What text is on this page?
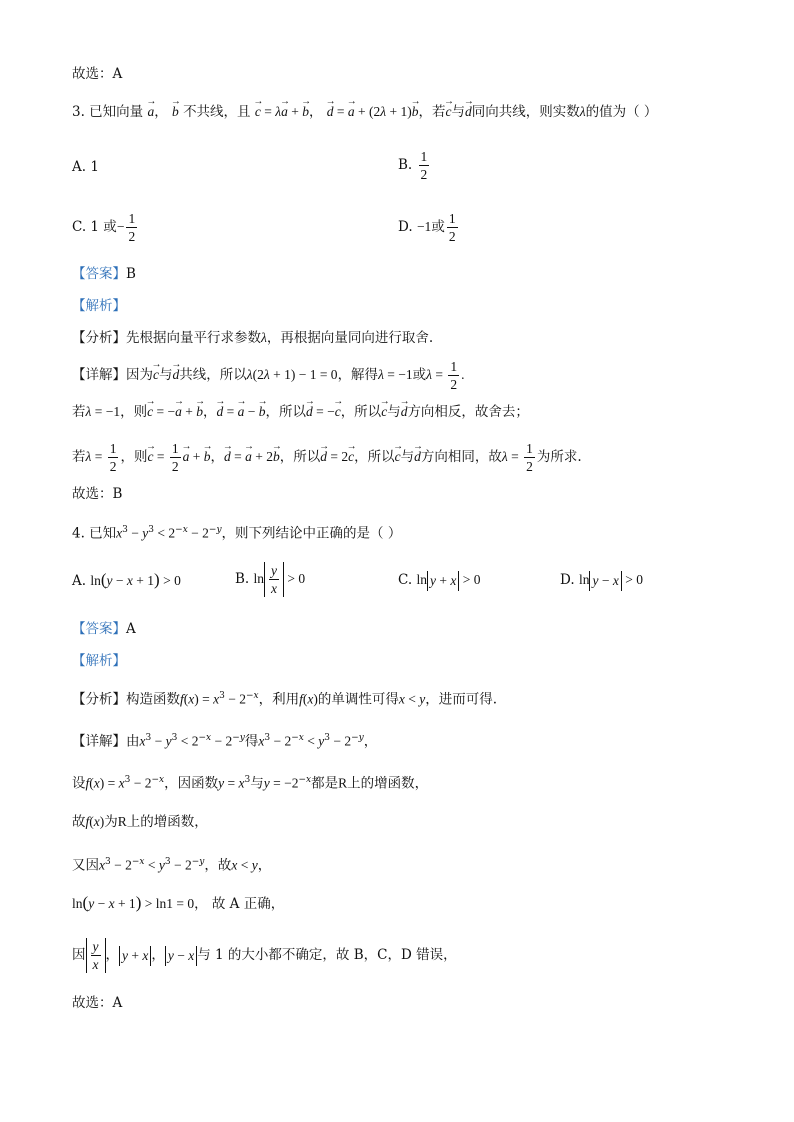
故选：A
3. 已知向量 → a， → b 不共线，且 → c = λ→ a + → b， → d = → a + (2λ + 1)→ b，若→ c与→ d同向共线，则实数λ的值为（ ）
A. 1	B. $\frac{1}{2}$
C. 1 或− $\frac{1}{2}$	D. −1或 $\frac{1}{2}$
【答案】B
【解析】
【分析】先根据向量平行求参数λ，再根据向量同向进行取舍.
【详解】因为→ c与→ d共线，所以λ(2λ + 1) − 1 = 0，解得λ = −1或$\lambda = \frac{1}{2}$ .
若λ = −1，则→ c = −→ a + → b，→ d = → a − → b，所以→ d = −→ c，所以→ c与→ d方向相反，故舍去；
若$\lambda = \frac{1}{2}$ ，则→ $c = \frac{1}{2}$
→ a + → b，→ d = → a + 2→ b，所以→ d = 2→ c，所以→ c与→ d方向相同，故$\lambda = \frac{1}{2}$ 为所求.
故选：B
4. 已知$x^3 - y^3 < 2^{-x} - 2^{-y}$，则下列结论中正确的是（ ）
A. ln(y − x + 1) > 0	B. $\ln \frac{y}{x} > 0$	C. ln y + x > 0	D. ln y − x > 0
【答案】A
【解析】
【分析】构造函数$f(x) = x^3 - 2^{-x}$，利用f(x)的单调性可得x < y，进而可得.
【详解】由$x^3 - y^3 < 2^{-x} - 2^{-y}$得$x^3 - 2^{-x} < y^3 - 2^{-y}$，
设$f(x) = x^3 - 2^{-x}$，因函数$y = x^3$与$y = -2^{-x}$都是R上的增函数，
故f(x)为R上的增函数，
又因$x^3 - 2^{-x} < y^3 - 2^{-y}$，故x < y，
ln(y − x + 1) > ln1 = 0， 故 A 正确，
因 $\frac{y}{x}$ ， y + x ， y − x 与 1 的大小都不确定，故 B，C，D 错误，
故选：A
